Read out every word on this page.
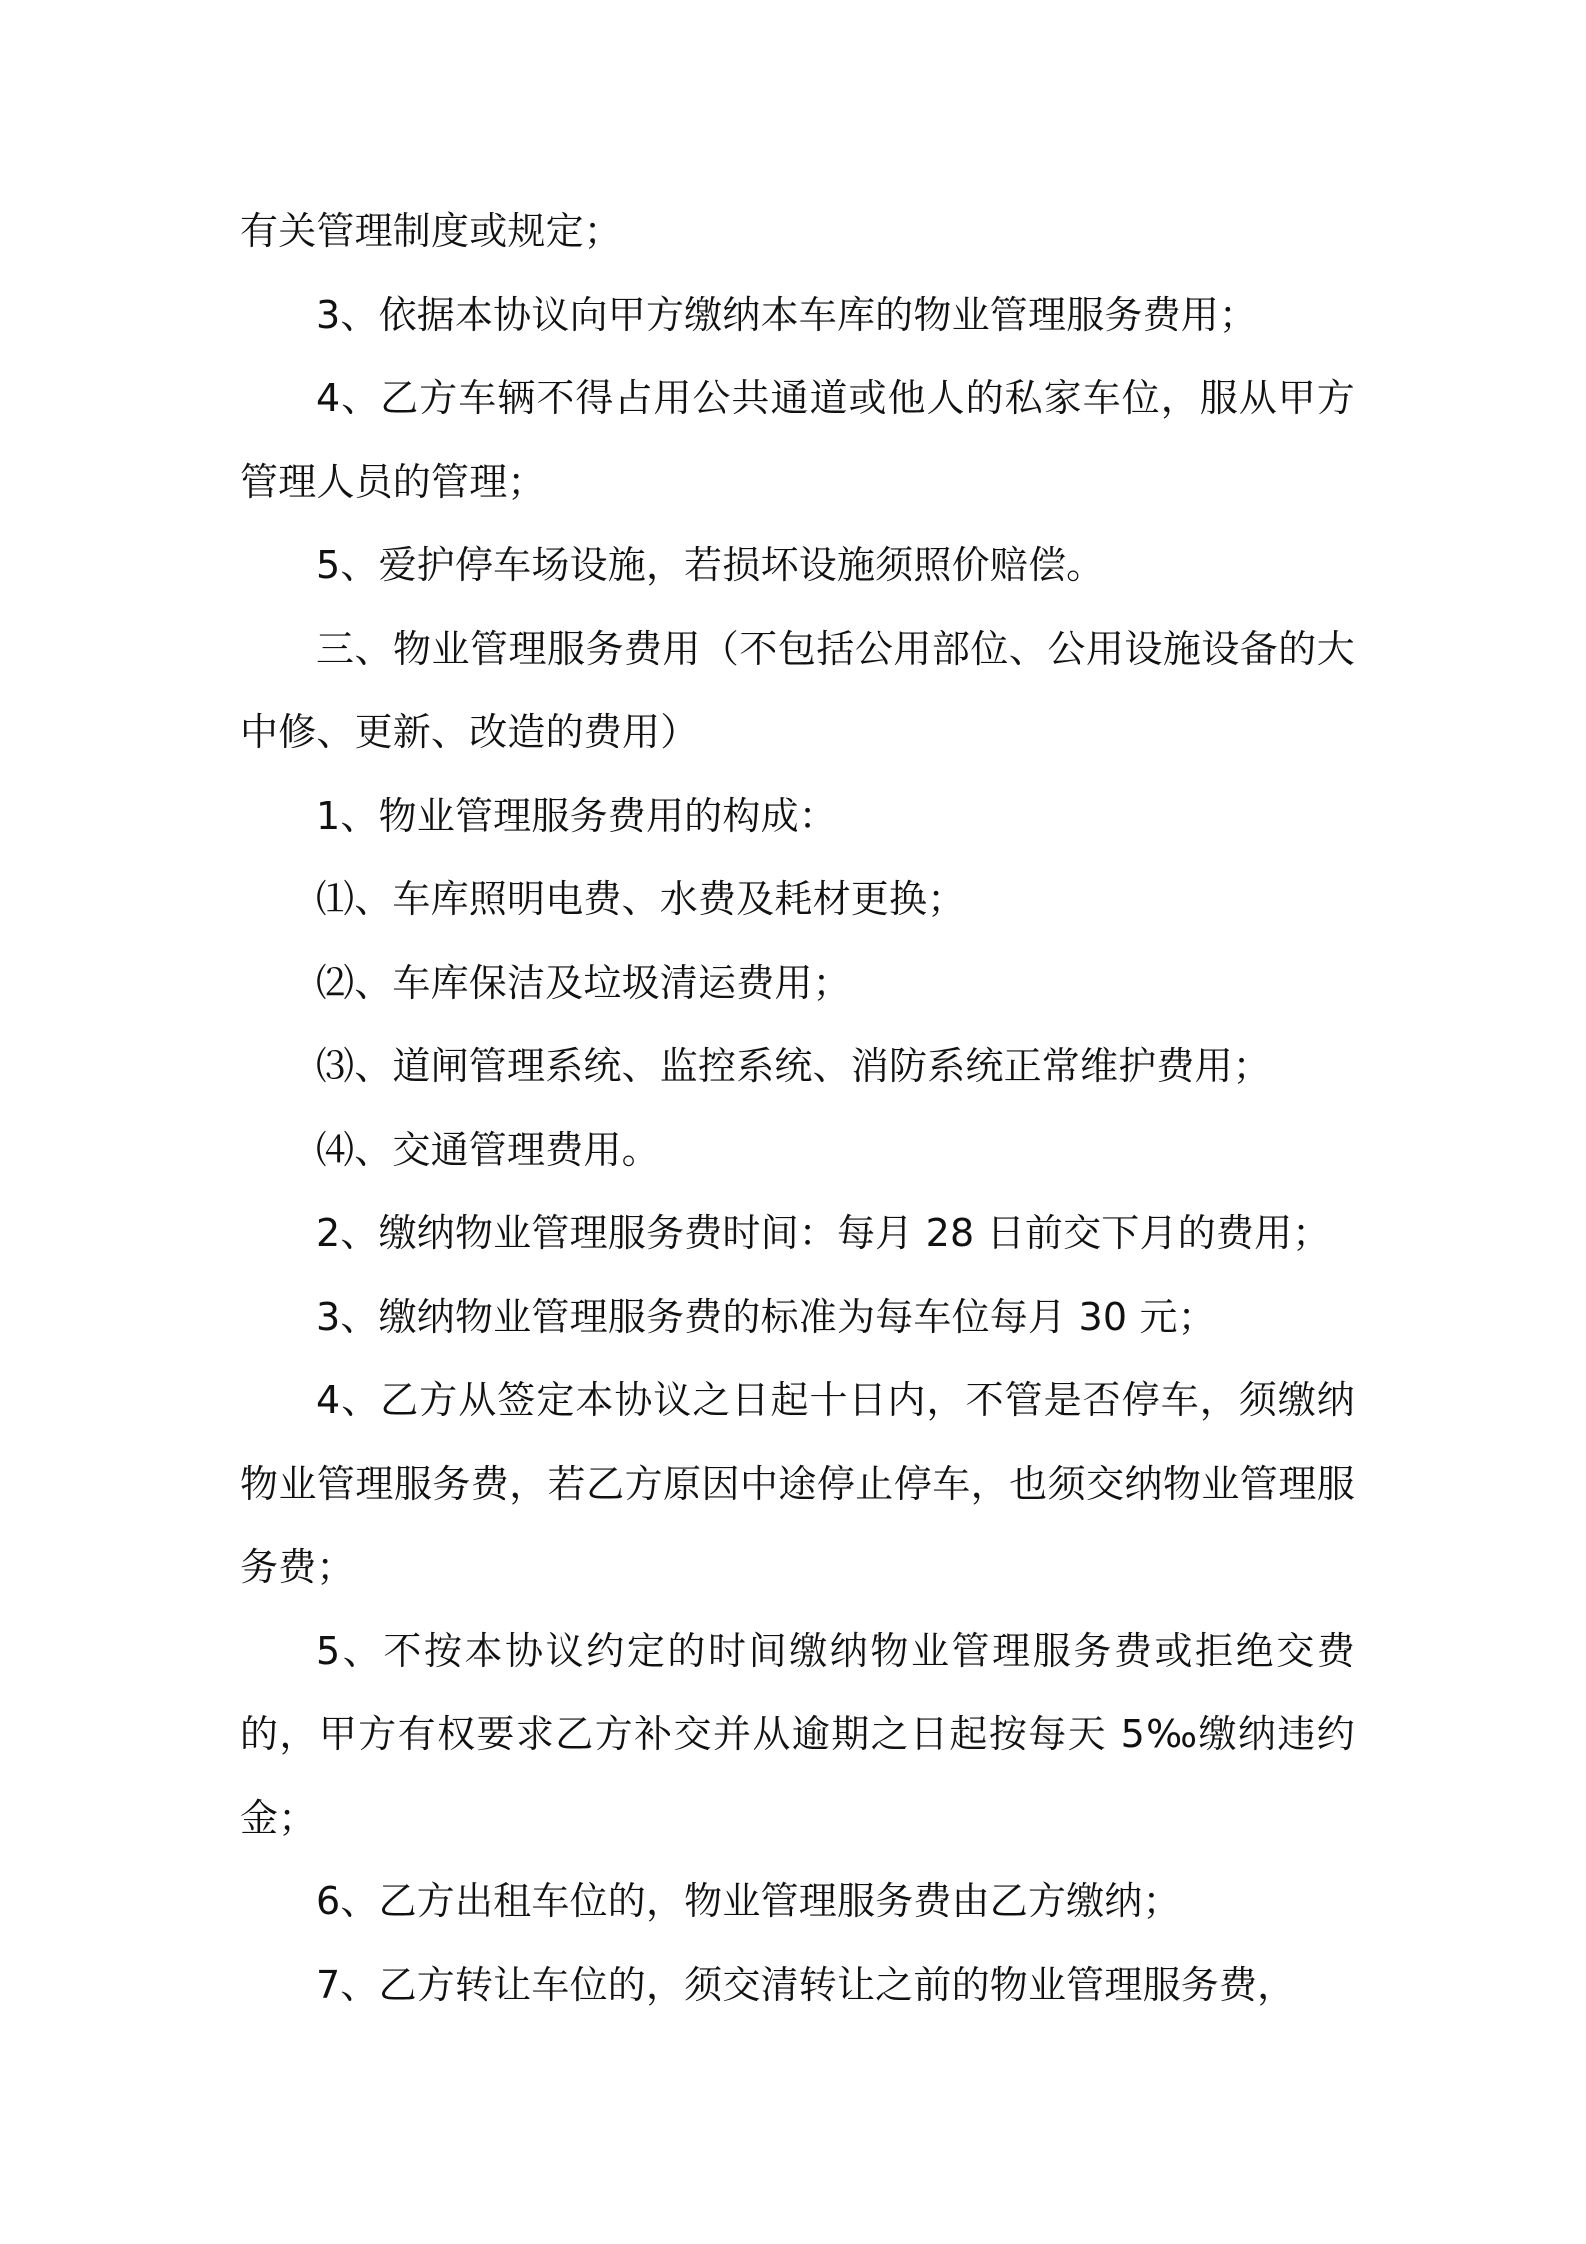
有关管理制度或规定；

3、依据本协议向甲方缴纳本车库的物业管理服务费用；

4、乙方车辆不得占用公共通道或他人的私家车位，服从甲方管理人员的管理；

5、爱护停车场设施，若损坏设施须照价赔偿。

三、物业管理服务费用（不包括公用部位、公用设施设备的大中修、更新、改造的费用）

1、物业管理服务费用的构成：

⑴、车库照明电费、水费及耗材更换；

⑵、车库保洁及垃圾清运费用；

⑶、道闸管理系统、监控系统、消防系统正常维护费用；

⑷、交通管理费用。

2、缴纳物业管理服务费时间：每月 28 日前交下月的费用；

3、缴纳物业管理服务费的标准为每车位每月 30 元；

4、乙方从签定本协议之日起十日内，不管是否停车，须缴纳物业管理服务费，若乙方原因中途停止停车，也须交纳物业管理服务费；

5、不按本协议约定的时间缴纳物业管理服务费或拒绝交费的，甲方有权要求乙方补交并从逾期之日起按每天 5‰缴纳违约金；

6、乙方出租车位的，物业管理服务费由乙方缴纳；

7、乙方转让车位的，须交清转让之前的物业管理服务费，
